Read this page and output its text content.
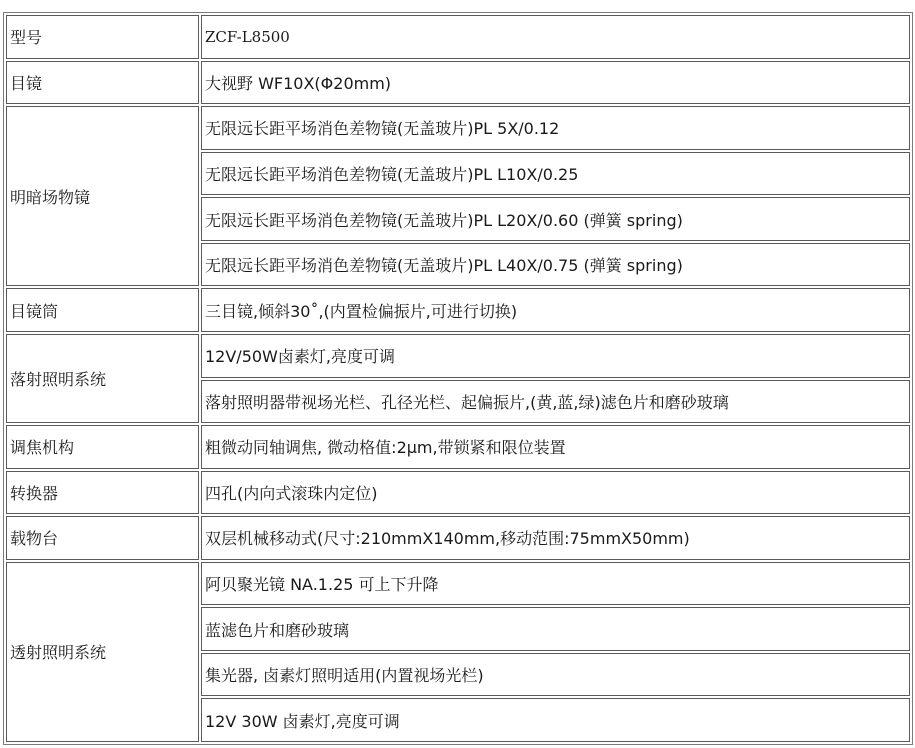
型号	ZCF-L8500
目镜	大视野 WF10X(Φ20mm)
明暗场物镜	无限远长距平场消色差物镜(无盖玻片)PL 5X/0.12
	无限远长距平场消色差物镜(无盖玻片)PL L10X/0.25
	无限远长距平场消色差物镜(无盖玻片)PL L20X/0.60 (弹簧 spring)
	无限远长距平场消色差物镜(无盖玻片)PL L40X/0.75 (弹簧 spring)
目镜筒	三目镜,倾斜30˚,(内置检偏振片,可进行切换)
落射照明系统	12V/50W卤素灯,亮度可调
	落射照明器带视场光栏、孔径光栏、起偏振片,(黄,蓝,绿)滤色片和磨砂玻璃
调焦机构	粗微动同轴调焦, 微动格值:2μm,带锁紧和限位装置
转换器	四孔(内向式滚珠内定位)
载物台	双层机械移动式(尺寸:210mmX140mm,移动范围:75mmX50mm)
透射照明系统	阿贝聚光镜 NA.1.25 可上下升降
	蓝滤色片和磨砂玻璃
	集光器, 卤素灯照明适用(内置视场光栏)
	12V 30W 卤素灯,亮度可调
